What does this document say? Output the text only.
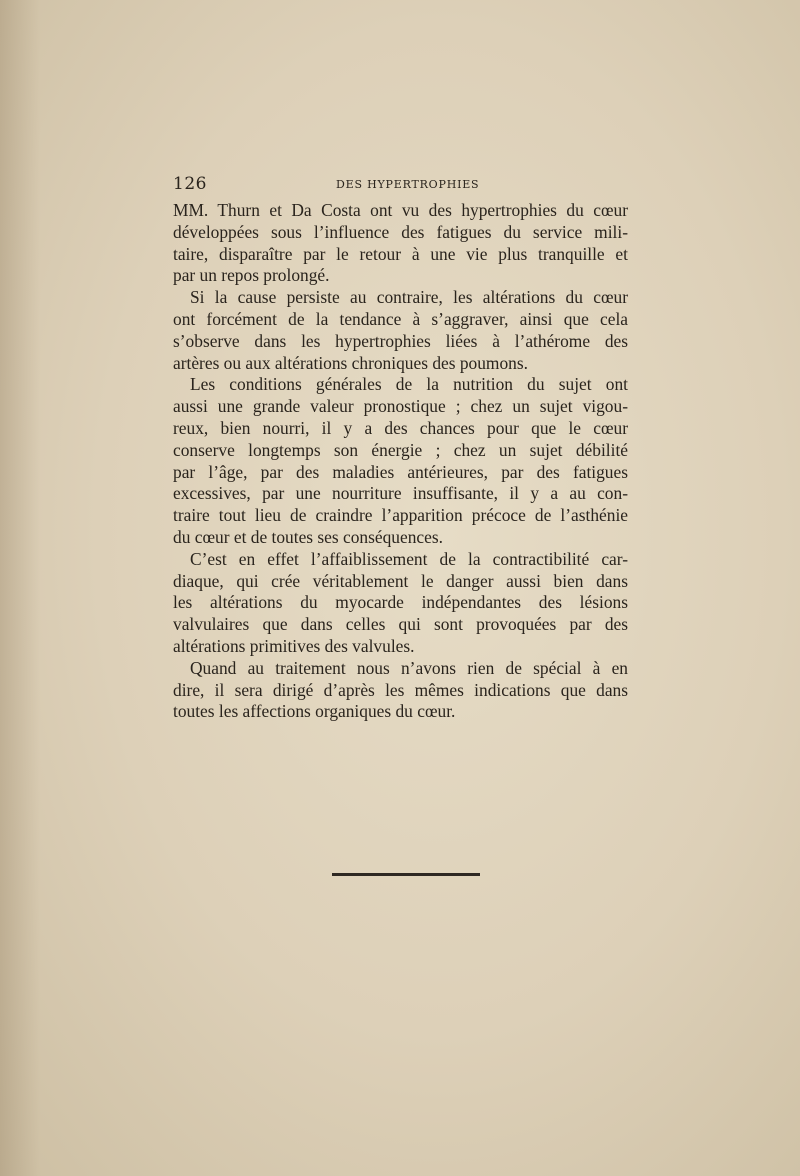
126	DES HYPERTROPHIES
MM. Thurn et Da Costa ont vu des hypertrophies du cœur
développées sous l’influence des fatigues du service mili-
taire, disparaître par le retour à une vie plus tranquille et
par un repos prolongé.
Si la cause persiste au contraire, les altérations du cœur
ont forcément de la tendance à s’aggraver, ainsi que cela
s’observe dans les hypertrophies liées à l’athérome des
artères ou aux altérations chroniques des poumons.
Les conditions générales de la nutrition du sujet ont
aussi une grande valeur pronostique ; chez un sujet vigou-
reux, bien nourri, il y a des chances pour que le cœur
conserve longtemps son énergie ; chez un sujet débilité
par l’âge, par des maladies antérieures, par des fatigues
excessives, par une nourriture insuffisante, il y a au con-
traire tout lieu de craindre l’apparition précoce de l’asthénie
du cœur et de toutes ses conséquences.
C’est en effet l’affaiblissement de la contractibilité car-
diaque, qui crée véritablement le danger aussi bien dans
les altérations du myocarde indépendantes des lésions
valvulaires que dans celles qui sont provoquées par des
altérations primitives des valvules.
Quand au traitement nous n’avons rien de spécial à en
dire, il sera dirigé d’après les mêmes indications que dans
toutes les affections organiques du cœur.
